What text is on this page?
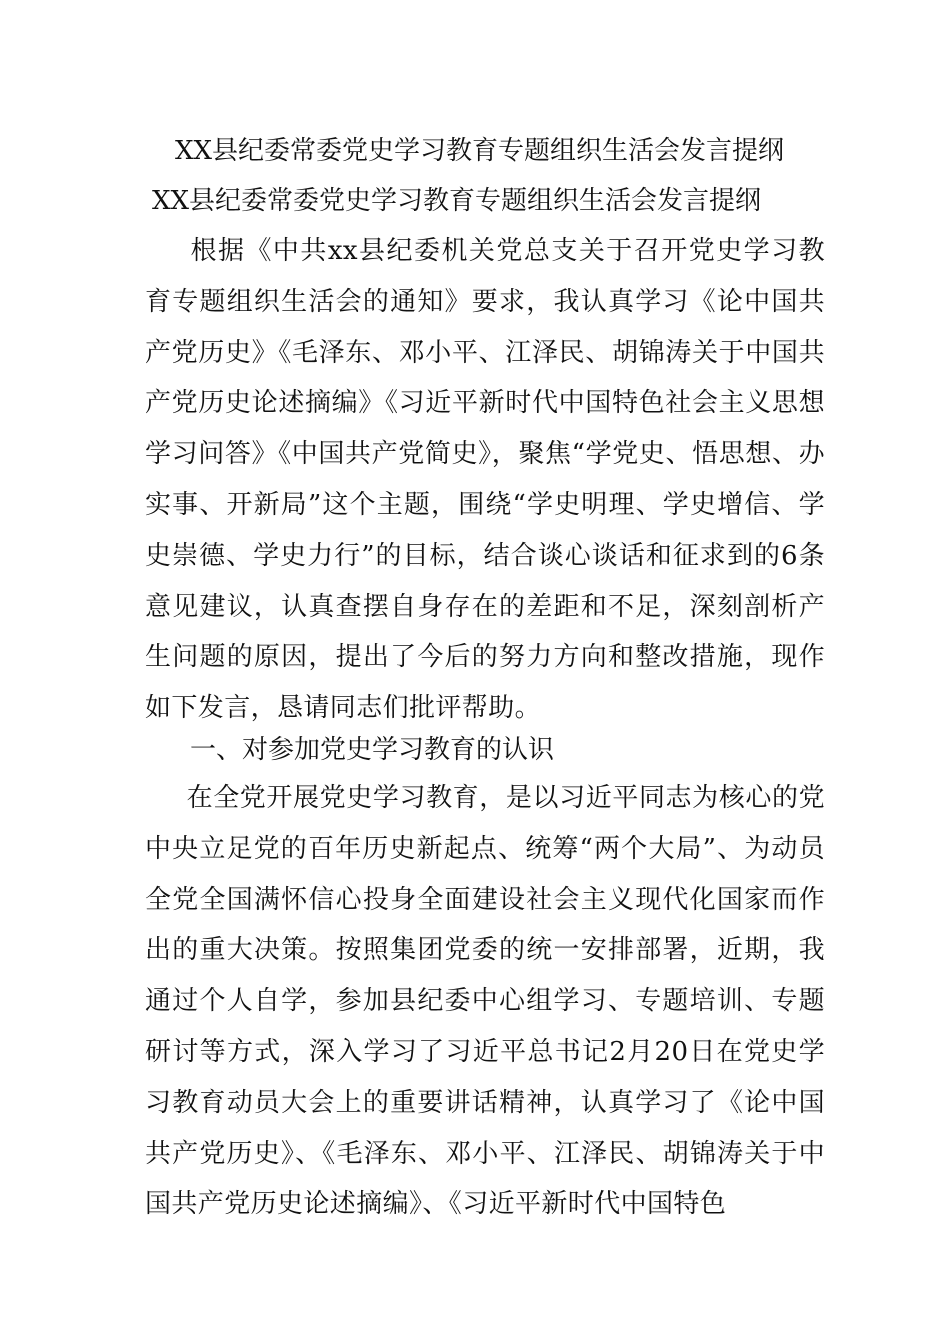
XX县纪委常委党史学习教育专题组织生活会发言提纲
XX县纪委常委党史学习教育专题组织生活会发言提纲
根据《中共xx县纪委机关党总支关于召开党史学习教育专题组织生活会的通知》要求，我认真学习《论中国共产党历史》《毛泽东、邓小平、江泽民、胡锦涛关于中国共产党历史论述摘编》《习近平新时代中国特色社会主义思想学习问答》《中国共产党简史》，聚焦“学党史、悟思想、办实事、开新局”这个主题，围绕“学史明理、学史增信、学史崇德、学史力行”的目标，结合谈心谈话和征求到的6条意见建议，认真查摆自身存在的差距和不足，深刻剖析产生问题的原因，提出了今后的努力方向和整改措施，现作如下发言，恳请同志们批评帮助。
一、对参加党史学习教育的认识
在全党开展党史学习教育，是以习近平同志为核心的党中央立足党的百年历史新起点、统筹“两个大局”、为动员全党全国满怀信心投身全面建设社会主义现代化国家而作出的重大决策。按照集团党委的统一安排部署，近期，我通过个人自学，参加县纪委中心组学习、专题培训、专题研讨等方式，深入学习了习近平总书记2月20日在党史学习教育动员大会上的重要讲话精神，认真学习了《论中国共产党历史》、《毛泽东、邓小平、江泽民、胡锦涛关于中国共产党历史论述摘编》、《习近平新时代中国特色
